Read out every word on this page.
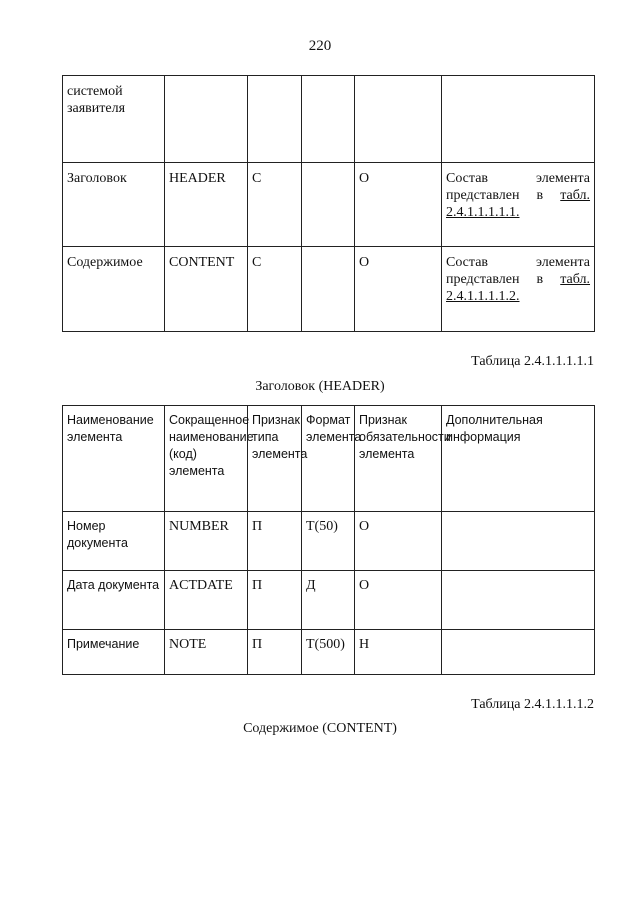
220
системой заявителя					
Заголовок	HEADER	С		О	Состав элемента представлен в табл. 2.4.1.1.1.1.1.
Содержимое	CONTENT	С		О	Состав элемента представлен в табл. 2.4.1.1.1.1.2.
Таблица 2.4.1.1.1.1.1
Заголовок (HEADER)
Наименование элемента	Сокращенное наименование (код) элемента	Признак типа элемента	Формат элемента	Признак обязательности элемента	Дополнительная информация
Номер документа	NUMBER	П	Т(50)	О	
Дата документа	ACTDATE	П	Д	О	
Примечание	NOTE	П	Т(500)	Н	
Таблица 2.4.1.1.1.1.2
Содержимое (CONTENT)
